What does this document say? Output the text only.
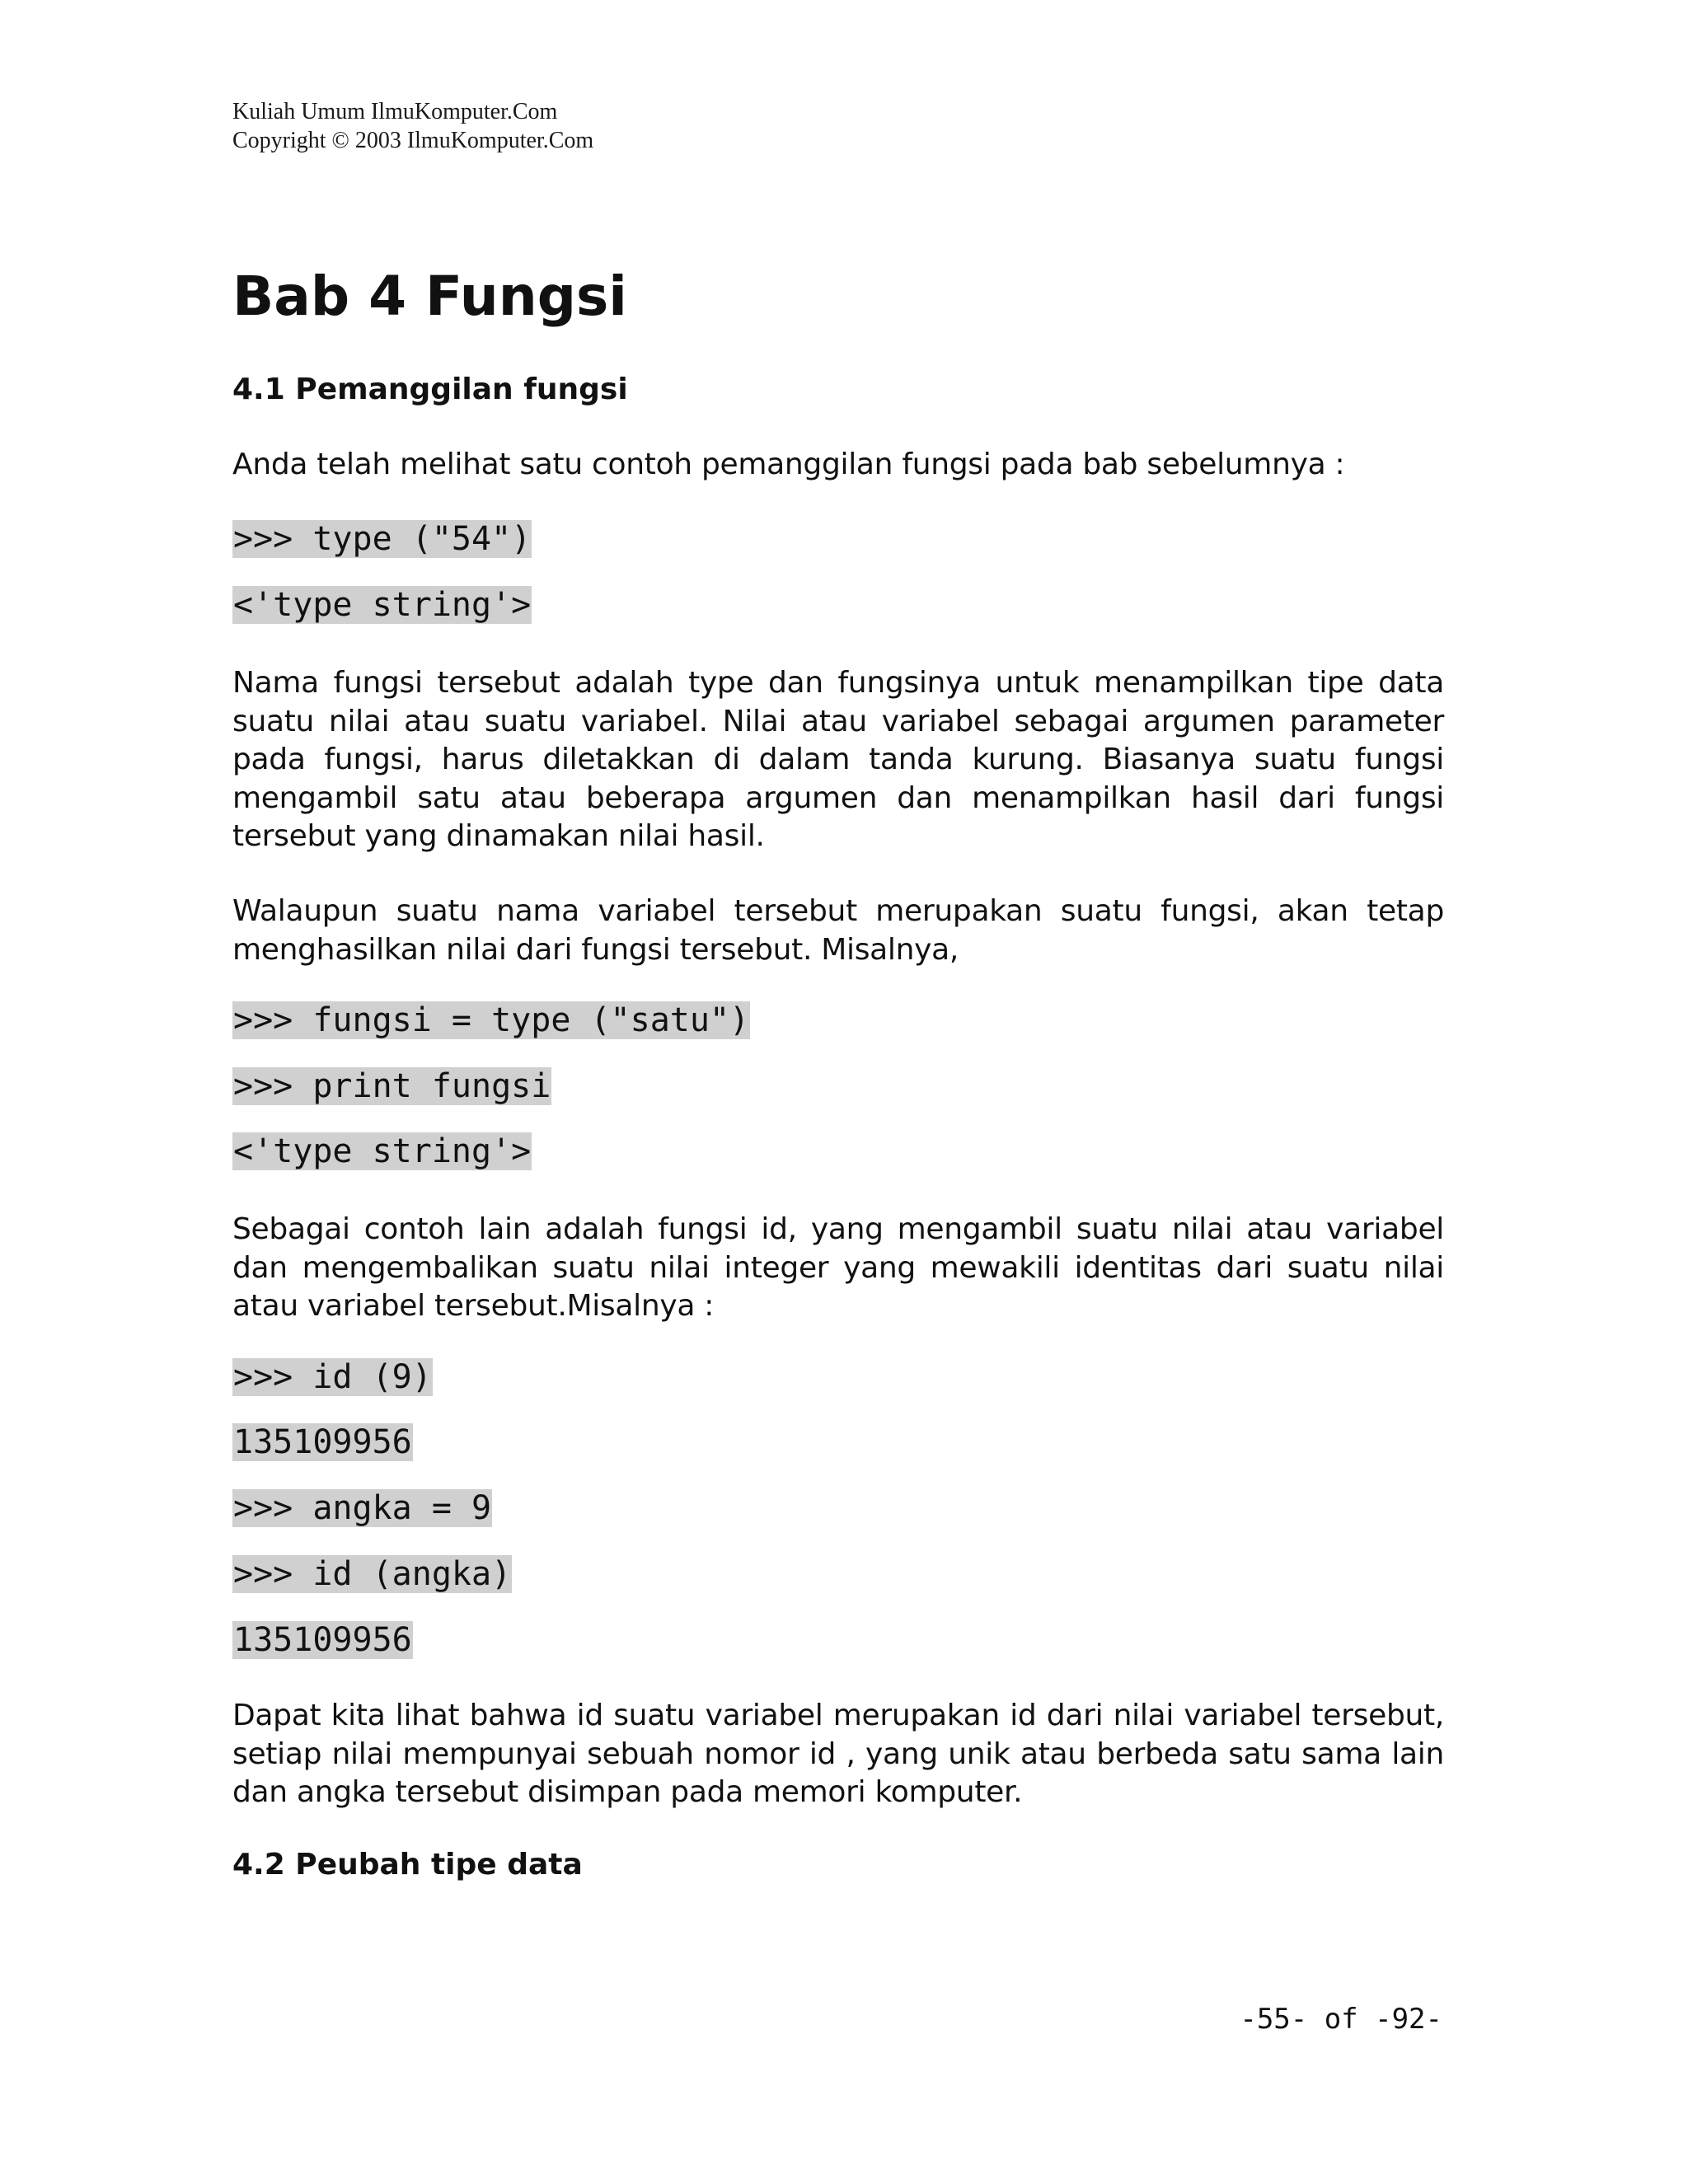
Kuliah Umum IlmuKomputer.Com
Copyright © 2003 IlmuKomputer.Com
Bab 4 Fungsi
4.1 Pemanggilan fungsi

Anda telah melihat satu contoh pemanggilan fungsi pada bab sebelumnya :

>>> type ("54")
<'type string'>

Nama fungsi tersebut adalah type dan fungsinya untuk menampilkan tipe data suatu nilai atau suatu variabel. Nilai atau variabel sebagai argumen parameter pada fungsi, harus diletakkan di dalam tanda kurung. Biasanya suatu fungsi mengambil satu atau beberapa argumen dan menampilkan hasil dari fungsi tersebut yang dinamakan nilai hasil.

Walaupun suatu nama variabel tersebut merupakan suatu fungsi, akan tetap menghasilkan nilai dari fungsi tersebut. Misalnya,

>>> fungsi = type ("satu")
>>> print fungsi
<'type string'>

Sebagai contoh lain adalah fungsi id, yang mengambil suatu nilai atau variabel dan mengembalikan suatu nilai integer yang mewakili identitas dari suatu nilai atau variabel tersebut.Misalnya :

>>> id (9)
135109956
>>> angka = 9
>>> id (angka)
135109956

Dapat kita lihat bahwa id suatu variabel merupakan id dari nilai variabel tersebut, setiap nilai mempunyai sebuah nomor id , yang unik atau berbeda satu sama lain dan angka tersebut disimpan pada memori komputer.

4.2 Peubah tipe data
-55- of -92-
